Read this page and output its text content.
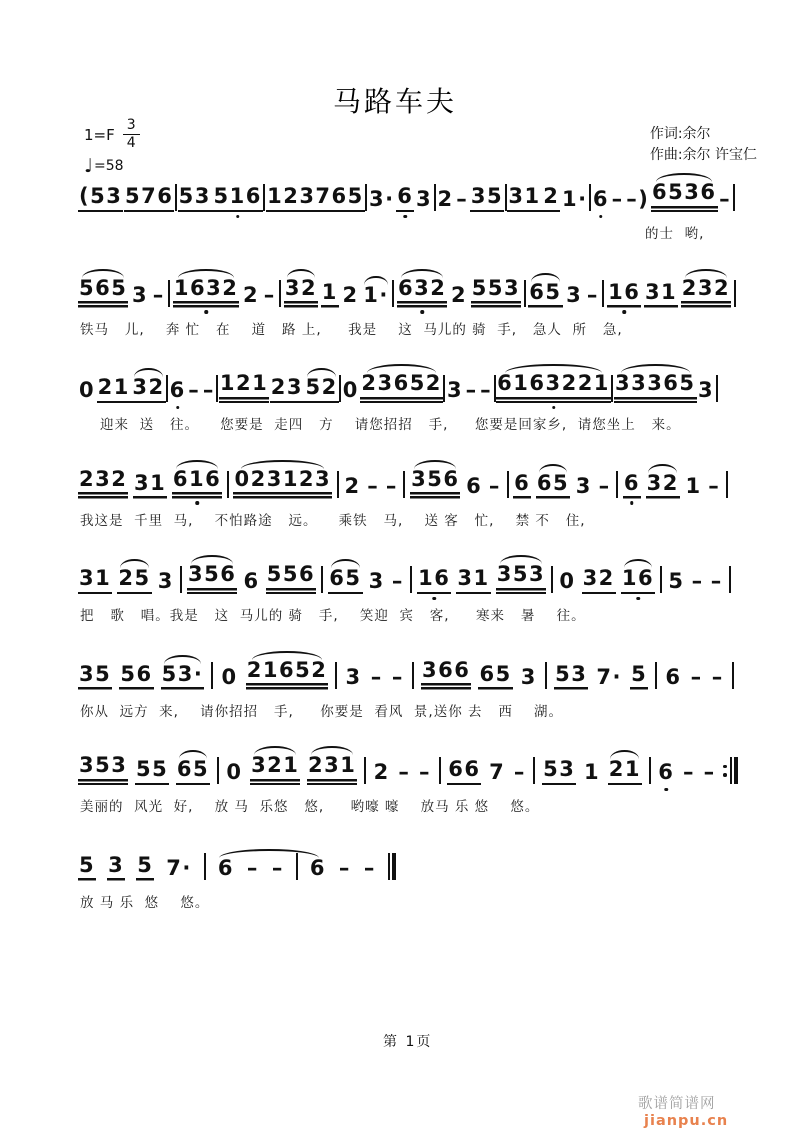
马路车夫
$1=F \frac{3}{4}$
♩ =58
作词:余尔
作曲:余尔 许宝仁
(53 576 53 516 123765 3· 6 3 2 – 35 31 2 1· 6 – –) 6536 –
的士  哟,
565 3 – 1632 2 – 32 1 2 1· 632 2 553 65 3 – 16 31 232
铁马   儿,    奔 忙   在    道   路 上,     我是    这  马儿的 骑  手,   急人  所   急,
0 21 32 6 – – 121 23 52 0 23652 3 – – 6163221 33365 3
迎来  送   往。    您要是  走四   方    请您招招   手,     您要是回家乡,  请您坐上   来。
232 31 616 023123 2 – – 356 6 – 6 65 3 – 6 32 1 –
我这是  千里  马,    不怕路途   远。    乘铁   马,    送 客   忙,    禁 不   住,
31 25 3 356 6 556 65 3 – 16 31 353 0 32 16 5 – –
把   歌   唱。我是   这  马儿的 骑   手,    笑迎  宾   客,     寒来   暑    往。
35 56 53· 0 21652 3 – – 366 65 3 53 7· 5 6 – –
你从  远方  来,    请你招招   手,     你要是  看风  景,送你 去   西    湖。
353 55 65 0 321 231 2 – – 66 7 – 53 1 21 6 – –
美丽的  风光  好,    放 马  乐悠   悠,     哟嚎 嚎    放马 乐 悠    悠。
5 3 5 7· 6 – – 6 – –
放 马 乐  悠    悠。
第 1页
歌谱简谱网 jianpu.cn
